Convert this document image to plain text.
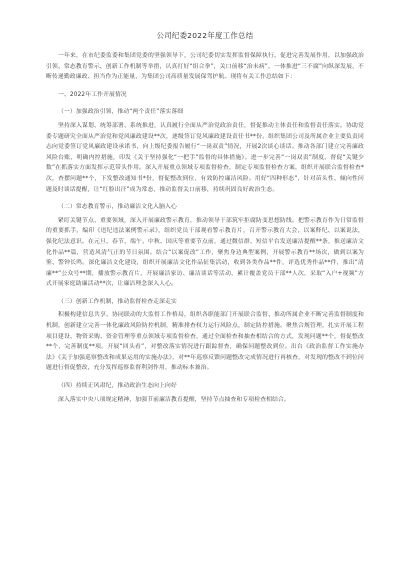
公司纪委2022年度工作总结

一年来，在市纪委监委和集团党委的坚强领导下，公司纪委切实发挥监督保障执行、促进完善发展作用，以加强政治引领、常态教育警示、创新工作机制等举措，认真打好“组合拳”，关口前移“治未病”，一体推进“三不腐”向纵深发展，不断传递勤政廉政、担当作为正能量，为集团公司高质量发展保驾护航。现将有关工作总结如下：

一、2022年工作开展情况

（一）加强政治引领，推动“两个责任”落实落细

坚持深入谋划、统筹部署、系统推进，认真履行全面从严治党政治责任，督促推动主体责任和监督责任落实。协助党委专题研究全面从严治党和党风廉政建设**次，逐级签订党风廉政建设责任书**份。组织集团公司及所属企业主要负责同志向党委签订党风廉政建设承诺书、向上级纪委报告履行“一岗双责”情况，开展2次谈心谈话。推动各部门建立完善廉政风险台账，明确内控措施，印发《关于坚持强化“一把手”监督的具体措施》。进一步完善“一岗双责”制度，督促“关键少数”在抓落实方面发挥示范带头作用。深入开展重点领域专项监督检查，制定专项监督检查方案，组织开展联合监督检查*次，查摆问题**个，下发整改通知书*份，督促整改到位，有效防控廉洁风险。用好“四种形态”，针对苗头性、倾向性问题及时谈话提醒，让“红脸出汗”成为常态，推动监督关口前移，持续巩固良好政治生态。

（二）常态教育警示，推动廉洁文化入脑入心

紧盯关键节点、重要领域，深入开展廉政警示教育，推动领导干部筑牢拒腐防变思想防线。把警示教育作为日常监督的重要抓手，编印《违纪违法案例警示录》，组织党员干部观看警示教育片，召开警示教育大会，以案释纪、以案说法，强化纪法意识。在元旦、春节、端午、中秋、国庆等重要节点前，通过微信群、短信平台发送廉洁提醒**条，推送廉洁文化作品**篇，营造风清气正的节日氛围。结合“以案促改”工作，聚焦身边典型案例，开展警示教育**场次，做到以案为鉴、警钟长鸣。深化廉洁文化建设，组织开展廉洁文化作品征集活动，收到各类作品**件，评选优秀作品**件，推出“清廉**”公众号**期，播放警示教育片，开展廉洁家访、廉洁谈话等活动，累计覆盖党员干部**人次，采取“入户+视频”方式开展家庭助廉活动**次，让廉洁理念深入人心。

（三）创新工作机制，推动监督检查走深走实

积极构建信息共享、协同联动的大监督工作格局，组织各职能部门开展联合监督、推动所属企业不断完善监督制度和机制，创新建立完善一体化廉政风险防控机制，精准排查权力运行风险点，制定防控措施。聚焦合规管理，扎实开展工程项目建设、物资采购、资金管理等重点领域专项监督检查，通过全面检查和抽查相结合的方式，发现问题**个，督促整改**个，完善制度**项。开展“回头看”，对整改落实情况进行跟踪督查，确保问题整改到位。出台《政治监督工作实施办法》《关于加强巡察整改和成果运用的实施办法》，对**年巡察反馈问题整改完成情况进行再核查，对发现的整改不到位问题进行督促整改，充分发挥巡察监督利剑作用，推动标本兼治。

（四）持续正风肃纪，推动政治生态向上向好

深入落实中央八项规定精神，加强节前廉洁教育提醒，坚持节点抽查和专项检查相结合。
